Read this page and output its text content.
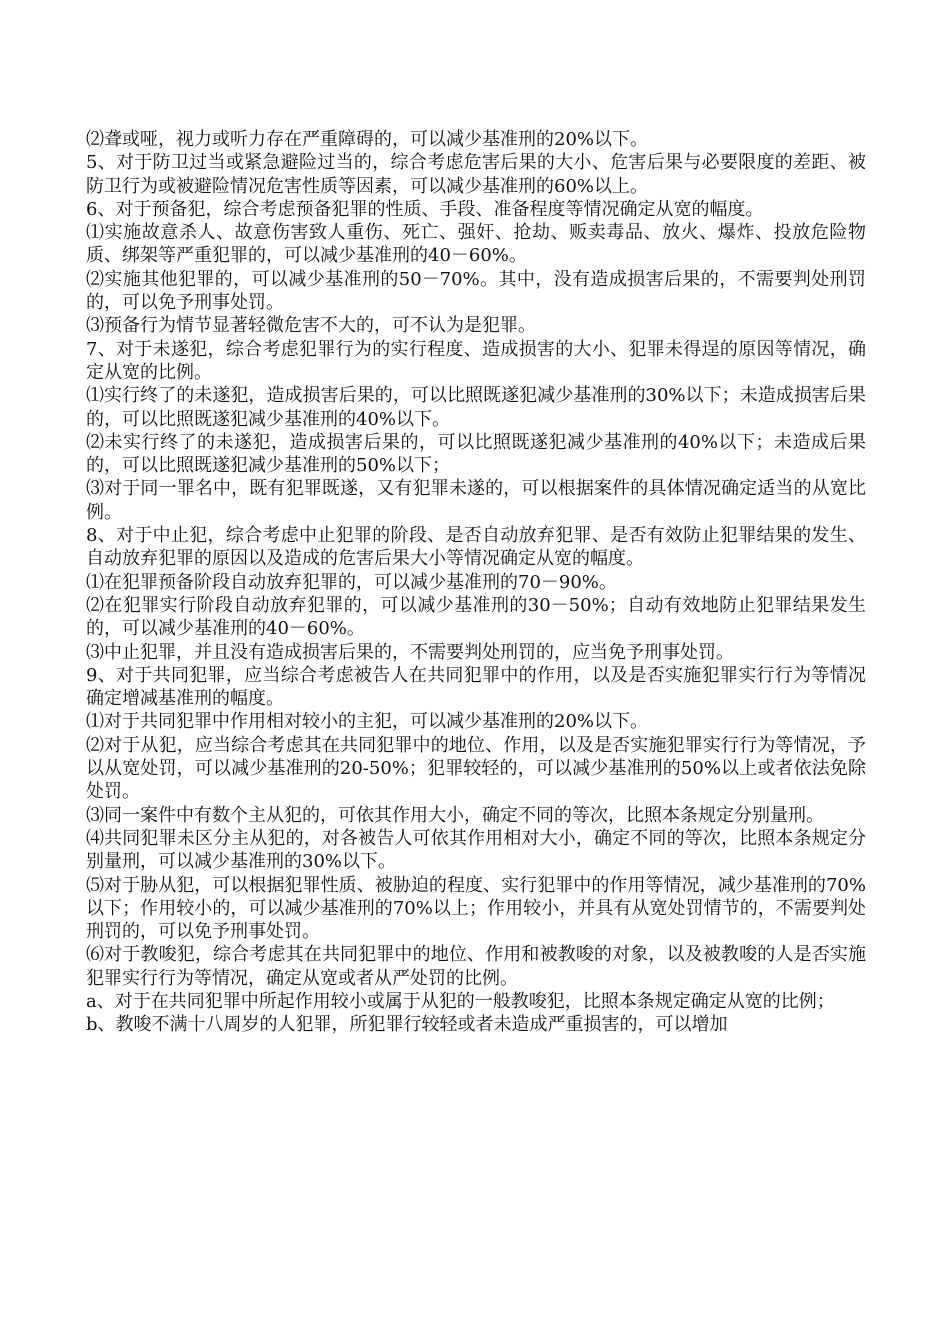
⑵聋或哑，视力或听力存在严重障碍的，可以减少基准刑的20%以下。

5、对于防卫过当或紧急避险过当的，综合考虑危害后果的大小、危害后果与必要限度的差距、被防卫行为或被避险情况危害性质等因素，可以减少基准刑的60%以上。

6、对于预备犯，综合考虑预备犯罪的性质、手段、准备程度等情况确定从宽的幅度。

⑴实施故意杀人、故意伤害致人重伤、死亡、强奸、抢劫、贩卖毒品、放火、爆炸、投放危险物质、绑架等严重犯罪的，可以减少基准刑的40－60%。

⑵实施其他犯罪的，可以减少基准刑的50－70%。其中，没有造成损害后果的，不需要判处刑罚的，可以免予刑事处罚。

⑶预备行为情节显著轻微危害不大的，可不认为是犯罪。

7、对于未遂犯，综合考虑犯罪行为的实行程度、造成损害的大小、犯罪未得逞的原因等情况，确定从宽的比例。

⑴实行终了的未遂犯，造成损害后果的，可以比照既遂犯减少基准刑的30%以下；未造成损害后果的，可以比照既遂犯减少基准刑的40%以下。

⑵未实行终了的未遂犯，造成损害后果的，可以比照既遂犯减少基准刑的40%以下；未造成后果的，可以比照既遂犯减少基准刑的50%以下；

⑶对于同一罪名中，既有犯罪既遂，又有犯罪未遂的，可以根据案件的具体情况确定适当的从宽比例。

8、对于中止犯，综合考虑中止犯罪的阶段、是否自动放弃犯罪、是否有效防止犯罪结果的发生、自动放弃犯罪的原因以及造成的危害后果大小等情况确定从宽的幅度。

⑴在犯罪预备阶段自动放弃犯罪的，可以减少基准刑的70－90%。

⑵在犯罪实行阶段自动放弃犯罪的，可以减少基准刑的30－50%；自动有效地防止犯罪结果发生的，可以减少基准刑的40－60%。

⑶中止犯罪，并且没有造成损害后果的，不需要判处刑罚的，应当免予刑事处罚。

9、对于共同犯罪，应当综合考虑被告人在共同犯罪中的作用，以及是否实施犯罪实行行为等情况确定增减基准刑的幅度。

⑴对于共同犯罪中作用相对较小的主犯，可以减少基准刑的20%以下。

⑵对于从犯，应当综合考虑其在共同犯罪中的地位、作用，以及是否实施犯罪实行行为等情况，予以从宽处罚，可以减少基准刑的20-50%；犯罪较轻的，可以减少基准刑的50%以上或者依法免除处罚。

⑶同一案件中有数个主从犯的，可依其作用大小，确定不同的等次，比照本条规定分别量刑。

⑷共同犯罪未区分主从犯的，对各被告人可依其作用相对大小，确定不同的等次，比照本条规定分别量刑，可以减少基准刑的30%以下。

⑸对于胁从犯，可以根据犯罪性质、被胁迫的程度、实行犯罪中的作用等情况，减少基准刑的70%以下；作用较小的，可以减少基准刑的70%以上；作用较小，并具有从宽处罚情节的，不需要判处刑罚的，可以免予刑事处罚。

⑹对于教唆犯，综合考虑其在共同犯罪中的地位、作用和被教唆的对象，以及被教唆的人是否实施犯罪实行行为等情况，确定从宽或者从严处罚的比例。

a、对于在共同犯罪中所起作用较小或属于从犯的一般教唆犯，比照本条规定确定从宽的比例；

b、教唆不满十八周岁的人犯罪，所犯罪行较轻或者未造成严重损害的，可以增加
